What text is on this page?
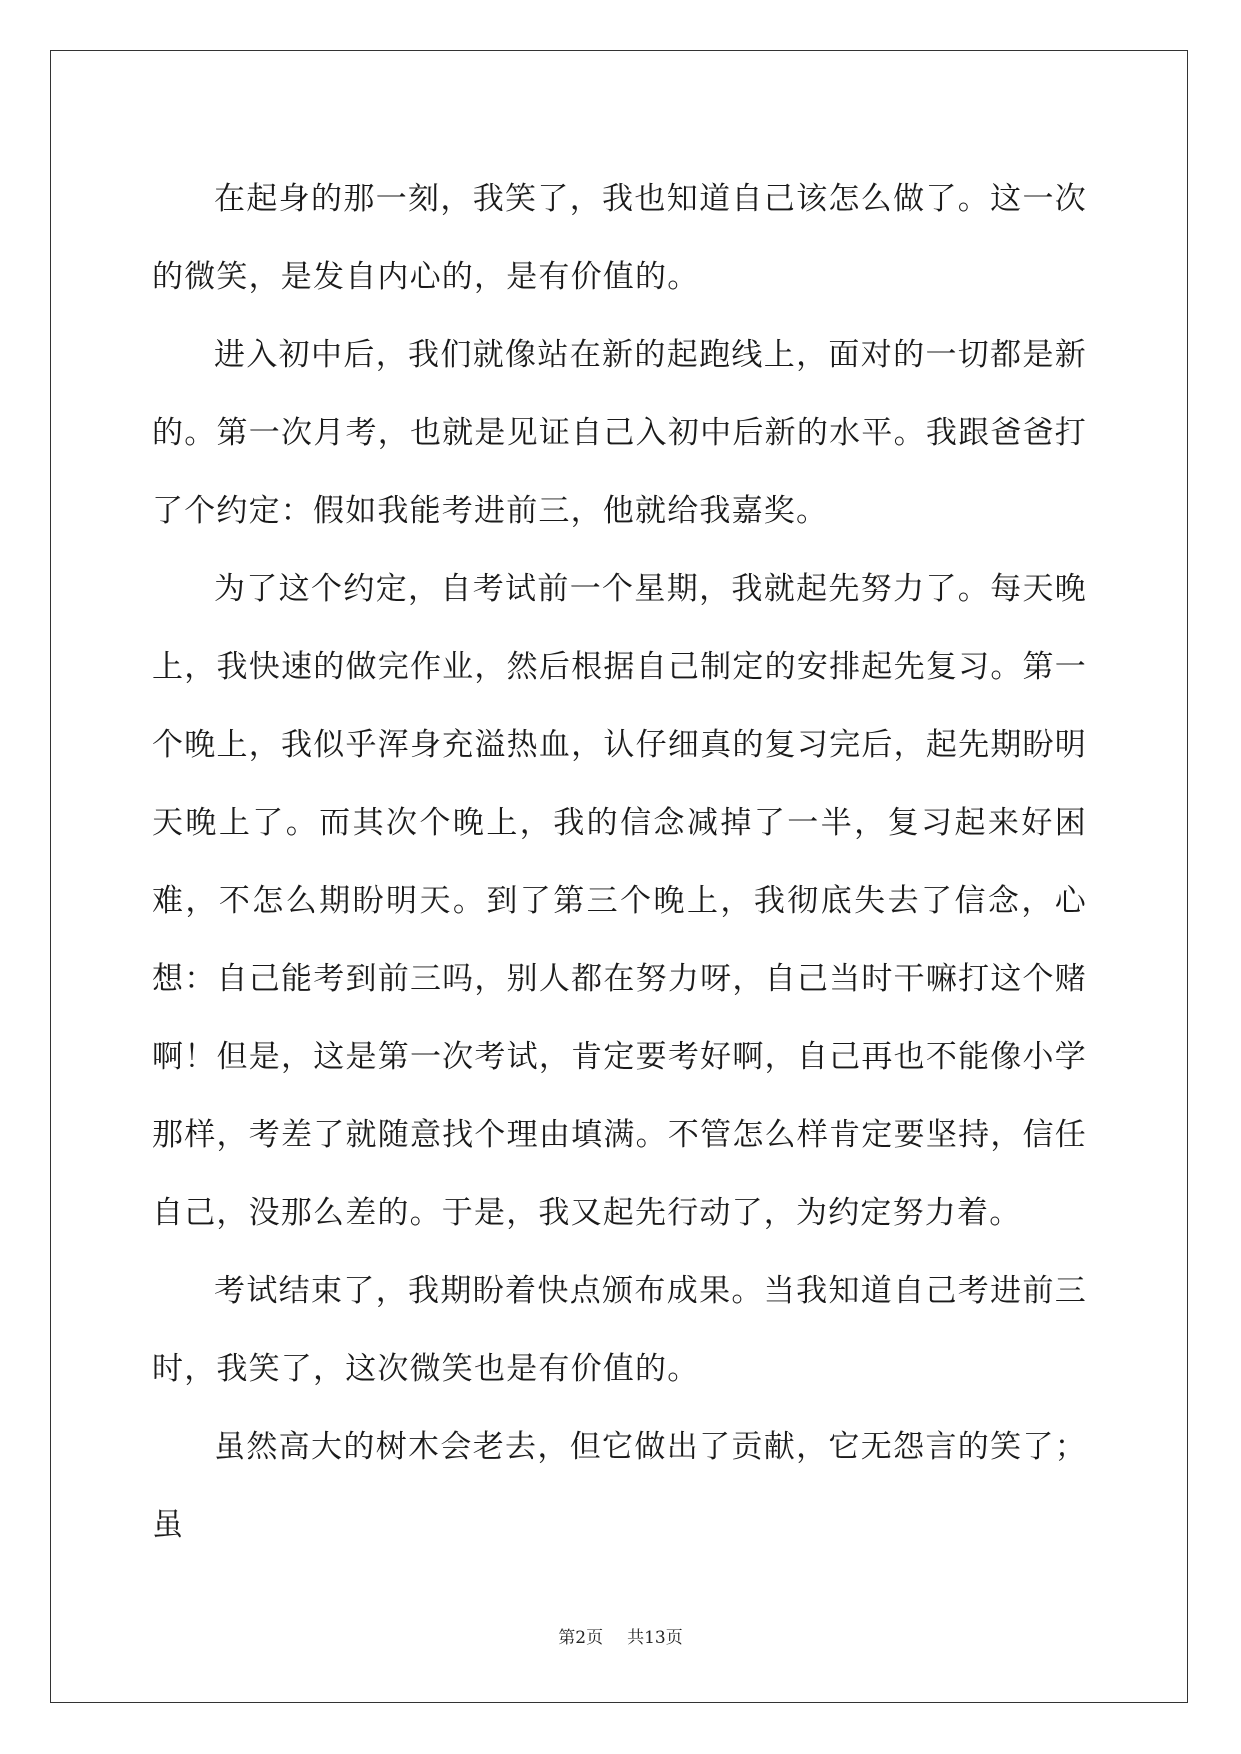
在起身的那一刻，我笑了，我也知道自己该怎么做了。这一次的微笑，是发自内心的，是有价值的。

进入初中后，我们就像站在新的起跑线上，面对的一切都是新的。第一次月考，也就是见证自己入初中后新的水平。我跟爸爸打了个约定：假如我能考进前三，他就给我嘉奖。

为了这个约定，自考试前一个星期，我就起先努力了。每天晚上，我快速的做完作业，然后根据自己制定的安排起先复习。第一个晚上，我似乎浑身充溢热血，认仔细真的复习完后，起先期盼明天晚上了。而其次个晚上，我的信念减掉了一半，复习起来好困难，不怎么期盼明天。到了第三个晚上，我彻底失去了信念，心想：自己能考到前三吗，别人都在努力呀，自己当时干嘛打这个赌啊！但是，这是第一次考试，肯定要考好啊，自己再也不能像小学那样，考差了就随意找个理由填满。不管怎么样肯定要坚持，信任自己，没那么差的。于是，我又起先行动了，为约定努力着。

考试结束了，我期盼着快点颁布成果。当我知道自己考进前三时，我笑了，这次微笑也是有价值的。

虽然高大的树木会老去，但它做出了贡献，它无怨言的笑了；虽

第2页 共13页
